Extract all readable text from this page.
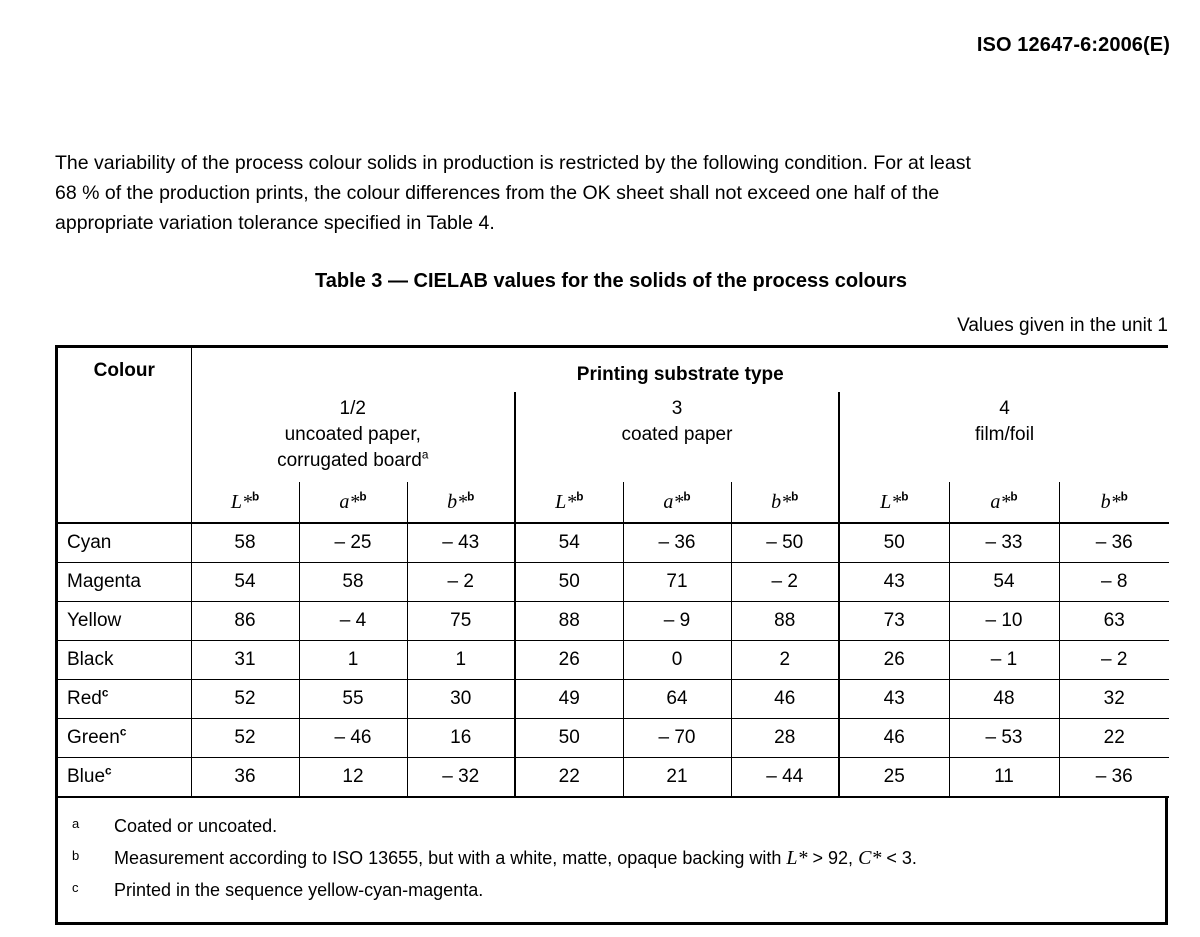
ISO 12647-6:2006(E)
The variability of the process colour solids in production is restricted by the following condition. For at least
68 % of the production prints, the colour differences from the OK sheet shall not exceed one half of the
appropriate variation tolerance specified in Table 4.
Table 3 — CIELAB values for the solids of the process colours
Values given in the unit 1
Colour	Printing substrate type								
	1/2
uncoated paper,
corrugated board$^a$			3
coated paper			4
film/foil		
	L*$^b$	a*$^b$	b*$^b$	L*$^b$	a*$^b$	b*$^b$	L*$^b$	a*$^b$	b*$^b$
Cyan	58	– 25	– 43	54	– 36	– 50	50	– 33	– 36
Magenta	54	58	– 2	50	71	– 2	43	54	– 8
Yellow	86	– 4	75	88	– 9	88	73	– 10	63
Black	31	1	1	26	0	2	26	– 1	– 2
Red$^c$	52	55	30	49	64	46	43	48	32
Green$^c$	52	– 46	16	50	– 70	28	46	– 53	22
Blue$^c$	36	12	– 32	22	21	– 44	25	11	– 36
a	Coated or uncoated.
b	Measurement according to ISO 13655, but with a white, matte, opaque backing with L* > 92, C* < 3.
c	Printed in the sequence yellow-cyan-magenta.
